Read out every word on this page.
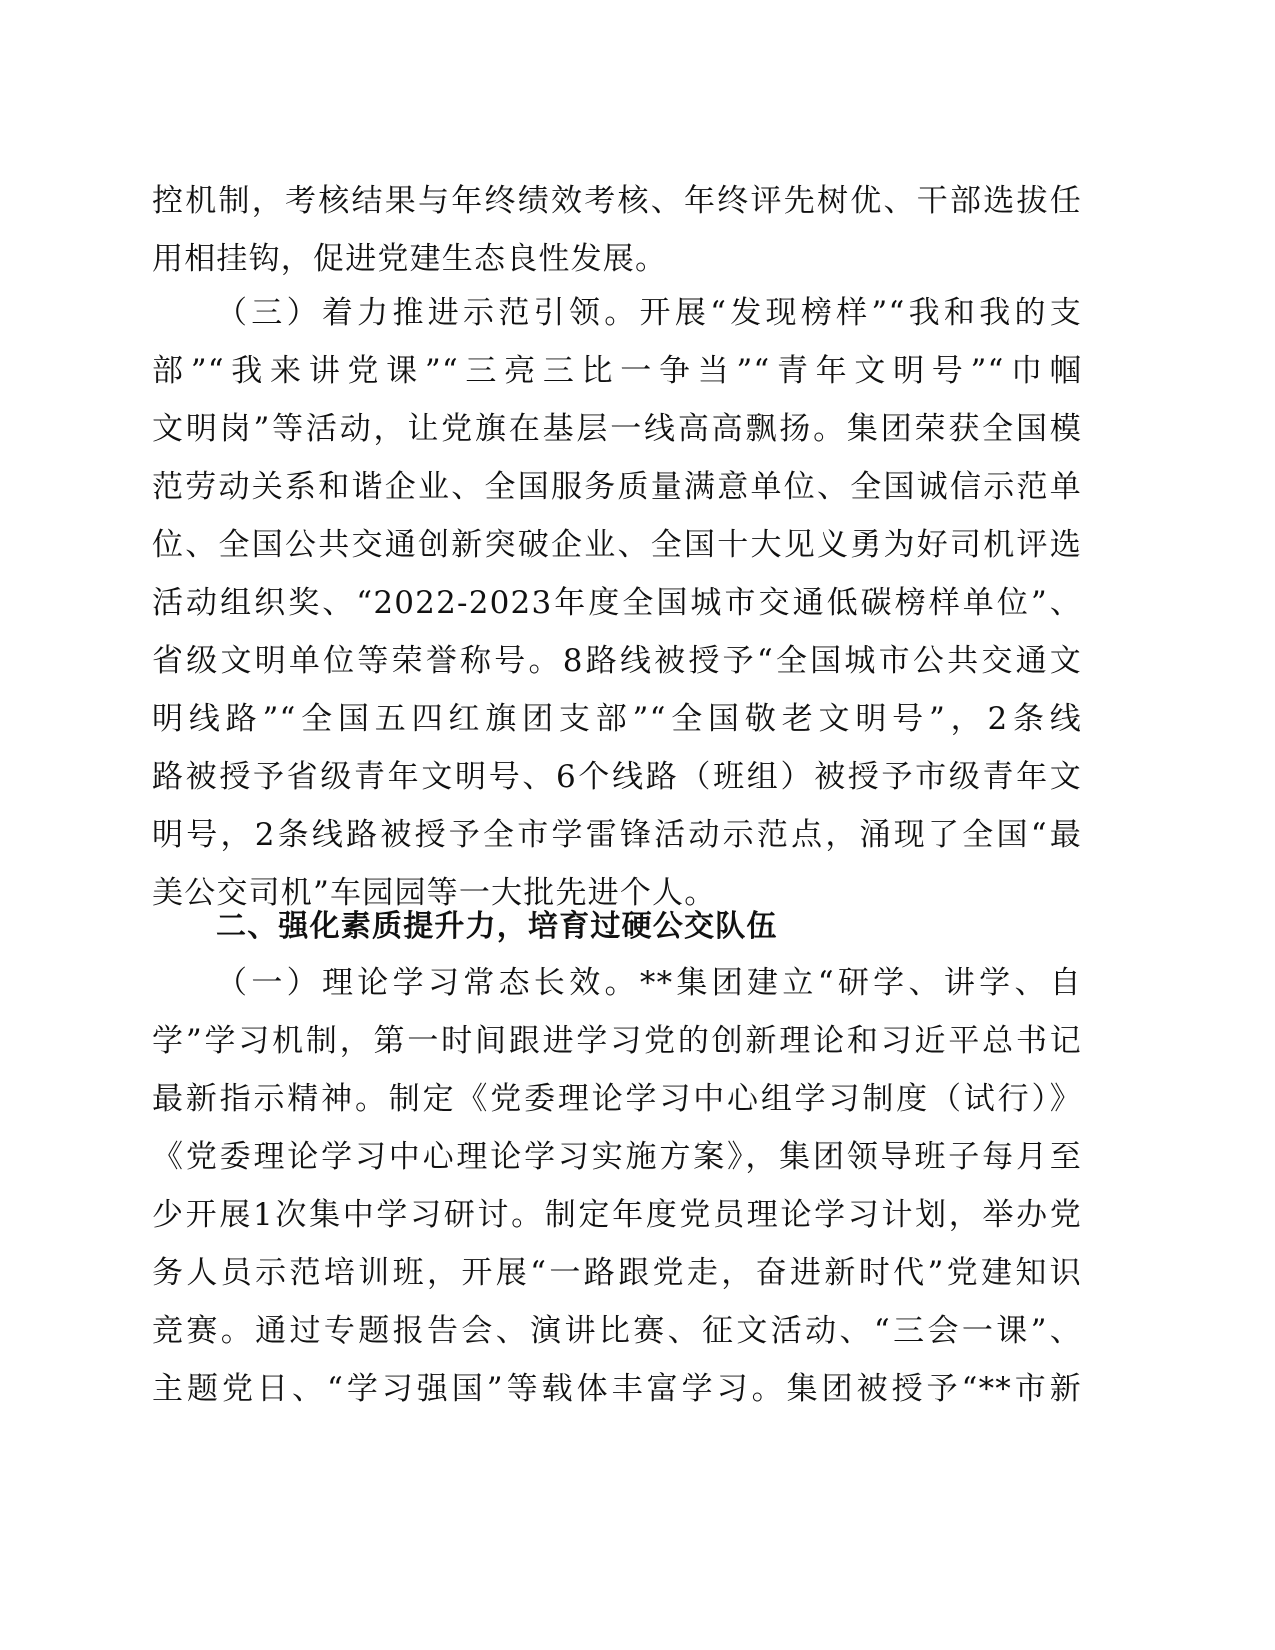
控机制，考核结果与年终绩效考核、年终评先树优、干部选拔任
用相挂钩，促进党建生态良性发展。
（三）着力推进示范引领。开展“发现榜样”“我和我的支
部”“我来讲党课”“三亮三比一争当”“青年文明号”“巾帼
文明岗”等活动，让党旗在基层一线高高飘扬。集团荣获全国模
范劳动关系和谐企业、全国服务质量满意单位、全国诚信示范单
位、全国公共交通创新突破企业、全国十大见义勇为好司机评选
活动组织奖、“2022-2023年度全国城市交通低碳榜样单位”、
省级文明单位等荣誉称号。8路线被授予“全国城市公共交通文
明线路”“全国五四红旗团支部”“全国敬老文明号”，2条线
路被授予省级青年文明号、6个线路（班组）被授予市级青年文
明号，2条线路被授予全市学雷锋活动示范点，涌现了全国“最
美公交司机”车园园等一大批先进个人。
二、强化素质提升力，培育过硬公交队伍
（一）理论学习常态长效。**集团建立“研学、讲学、自
学”学习机制，第一时间跟进学习党的创新理论和习近平总书记
最新指示精神。制定《党委理论学习中心组学习制度（试行）》
《党委理论学习中心理论学习实施方案》，集团领导班子每月至
少开展1次集中学习研讨。制定年度党员理论学习计划，举办党
务人员示范培训班，开展“一路跟党走，奋进新时代”党建知识
竞赛。通过专题报告会、演讲比赛、征文活动、“三会一课”、
主题党日、“学习强国”等载体丰富学习。集团被授予“**市新
